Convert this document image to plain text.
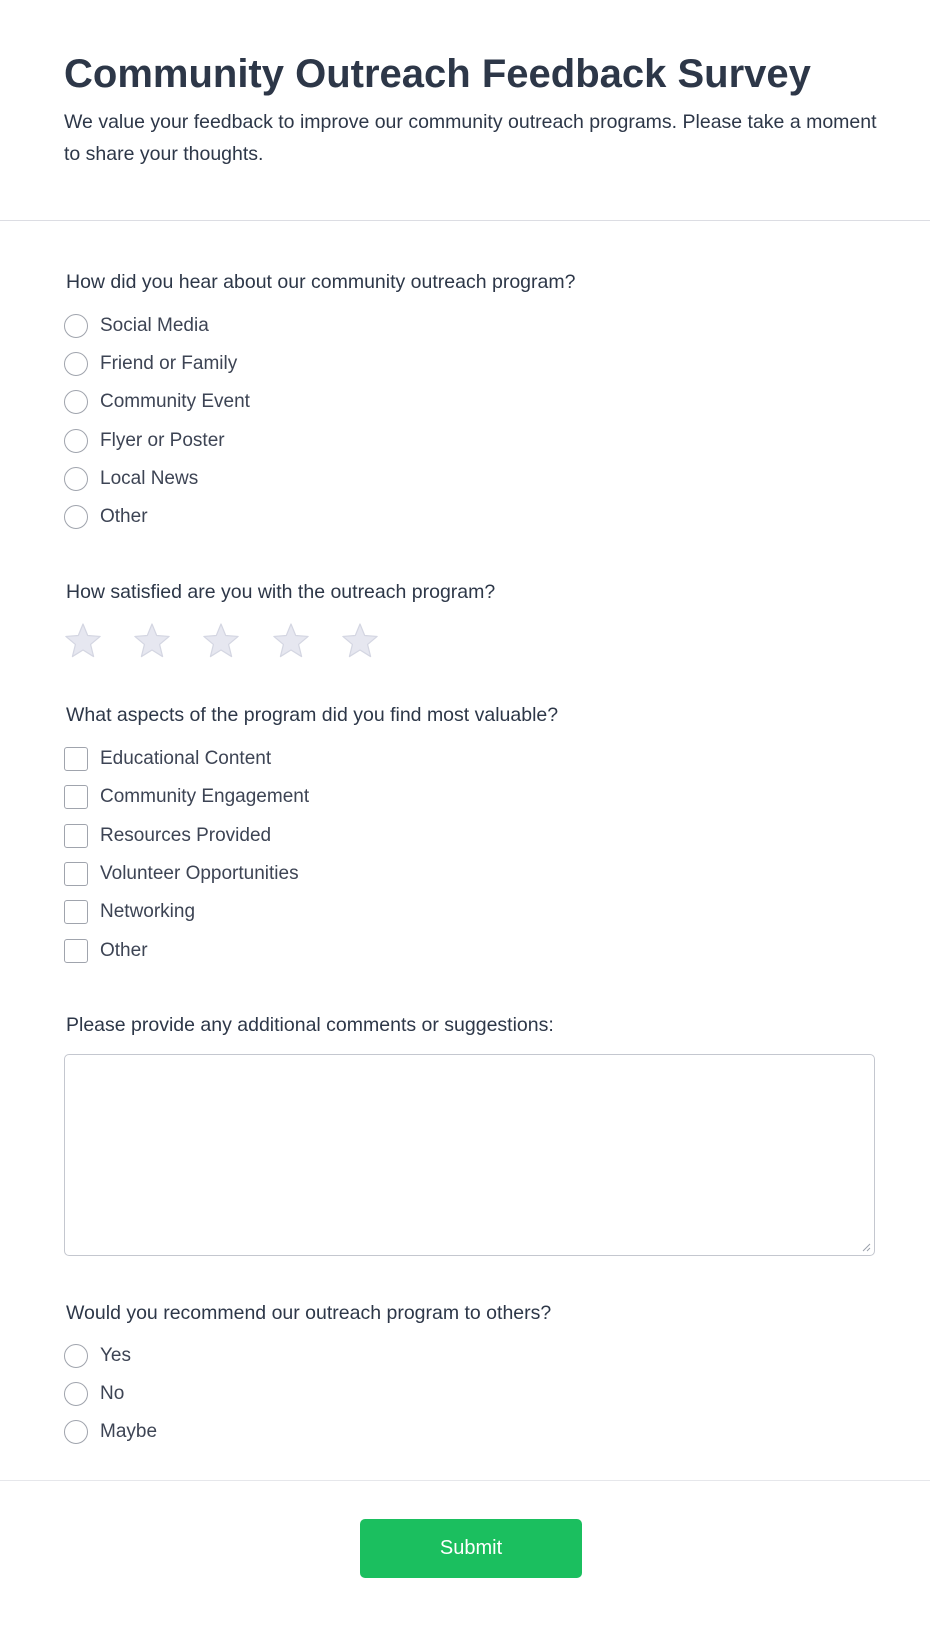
Community Outreach Feedback Survey

We value your feedback to improve our community outreach programs. Please take a moment to share your thoughts.

How did you hear about our community outreach program?
Social Media
Friend or Family
Community Event
Flyer or Poster
Local News
Other
How satisfied are you with the outreach program?
What aspects of the program did you find most valuable?
Educational Content
Community Engagement
Resources Provided
Volunteer Opportunities
Networking
Other
Please provide any additional comments or suggestions:
Would you recommend our outreach program to others?
Yes
No
Maybe
Submit
